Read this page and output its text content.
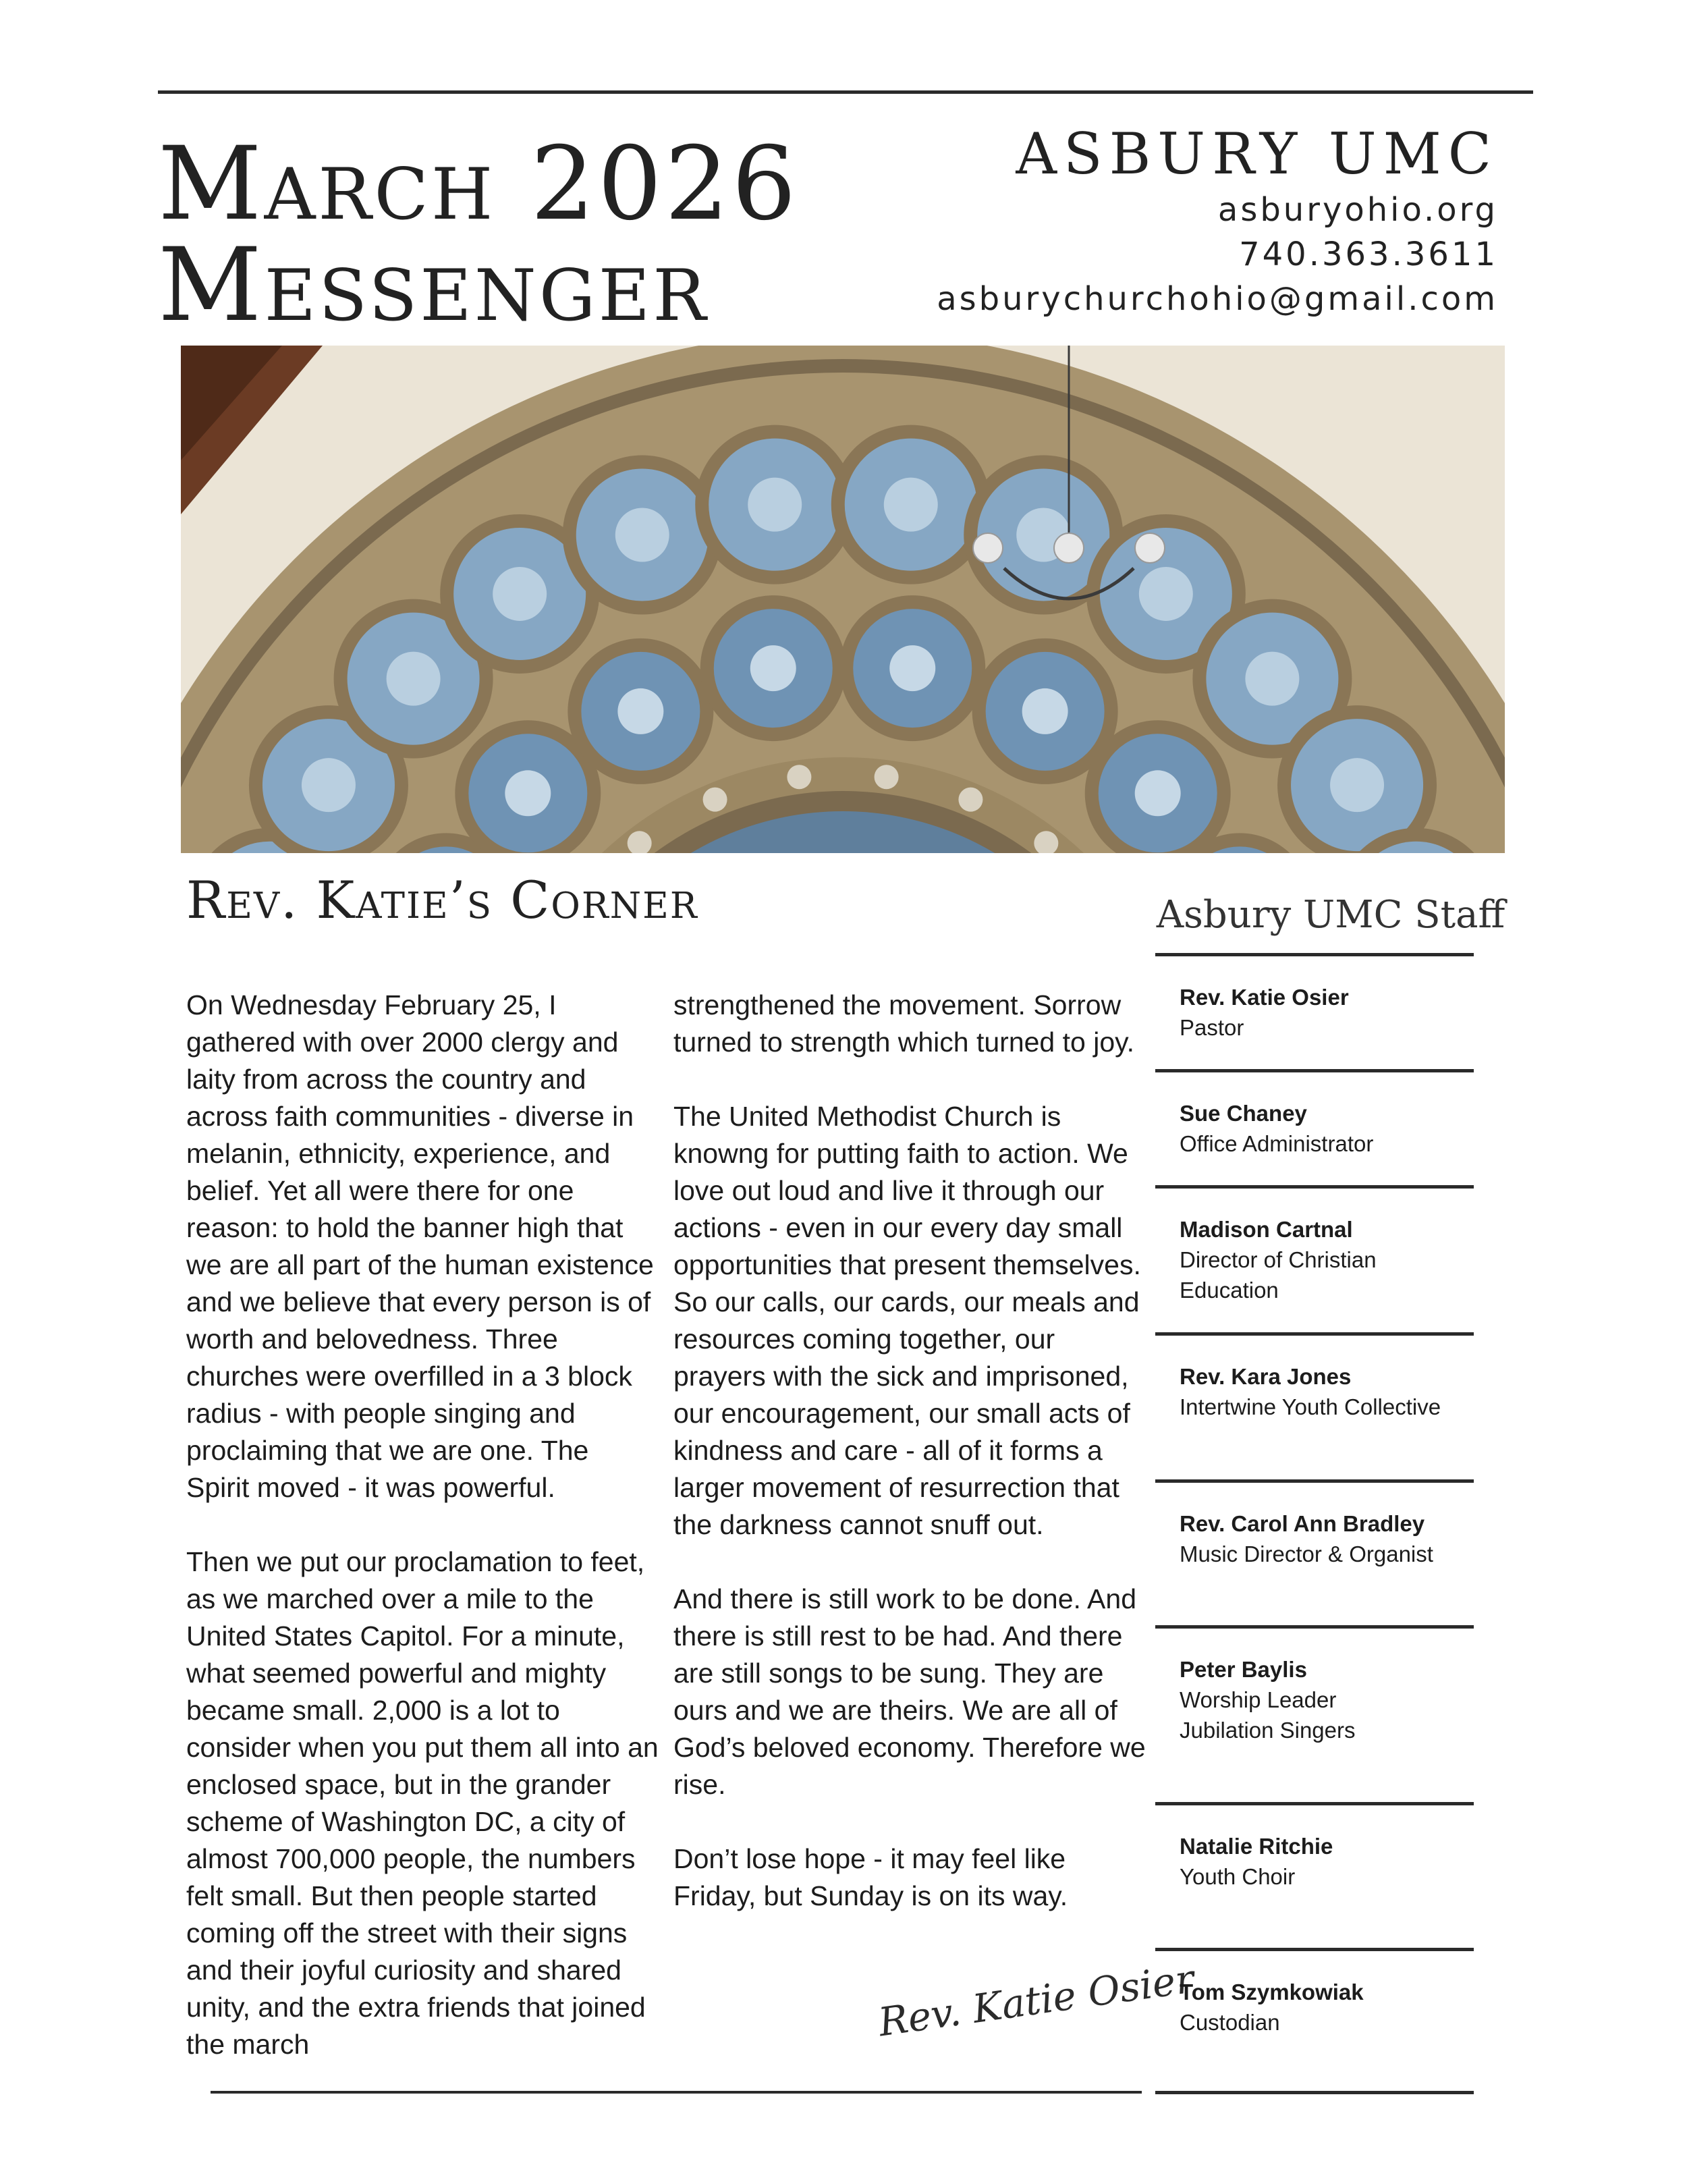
March 2026
Messenger
ASBURY UMC
asburyohio.org
740.363.3611
asburychurchohio@gmail.com
Rev. Katie’s Corner	Asbury UMC Staff

On Wednesday February 25, I gathered with over 2000 clergy and laity from across the country and across faith communities - diverse in melanin, ethnicity, experience, and belief. Yet all were there for one reason: to hold the banner high that we are all part of the human existence and we believe that every person is of worth and belovedness. Three churches were overfilled in a 3 block radius - with people singing and proclaiming that we are one. The Spirit moved - it was powerful.

Then we put our proclamation to feet, as we marched over a mile to the United States Capitol. For a minute, what seemed powerful and mighty became small. 2,000 is a lot to consider when you put them all into an enclosed space, but in the grander scheme of Washington DC, a city of almost 700,000 people, the numbers felt small. But then people started coming off the street with their signs and their joyful curiosity and shared unity, and the extra friends that joined the march

strengthened the movement. Sorrow turned to strength which turned to joy.

The United Methodist Church is knowng for putting faith to action. We love out loud and live it through our actions - even in our every day small opportunities that present themselves. So our calls, our cards, our meals and resources coming together, our prayers with the sick and imprisoned, our encouragement, our small acts of kindness and care - all of it forms a larger movement of resurrection that the darkness cannot snuff out.

And there is still work to be done. And there is still rest to be had. And there are still songs to be sung. They are ours and we are theirs. We are all of God’s beloved economy. Therefore we rise.

Don’t lose hope - it may feel like Friday, but Sunday is on its way.

Rev. Katie Osier
Rev. Katie Osier
Pastor
Sue Chaney
Office Administrator
Madison Cartnal
Director of Christian Education
Rev. Kara Jones
Intertwine Youth Collective
Rev. Carol Ann Bradley
Music Director & Organist
Peter Baylis
Worship Leader
Jubilation Singers
Natalie Ritchie
Youth Choir
Tom Szymkowiak
Custodian
